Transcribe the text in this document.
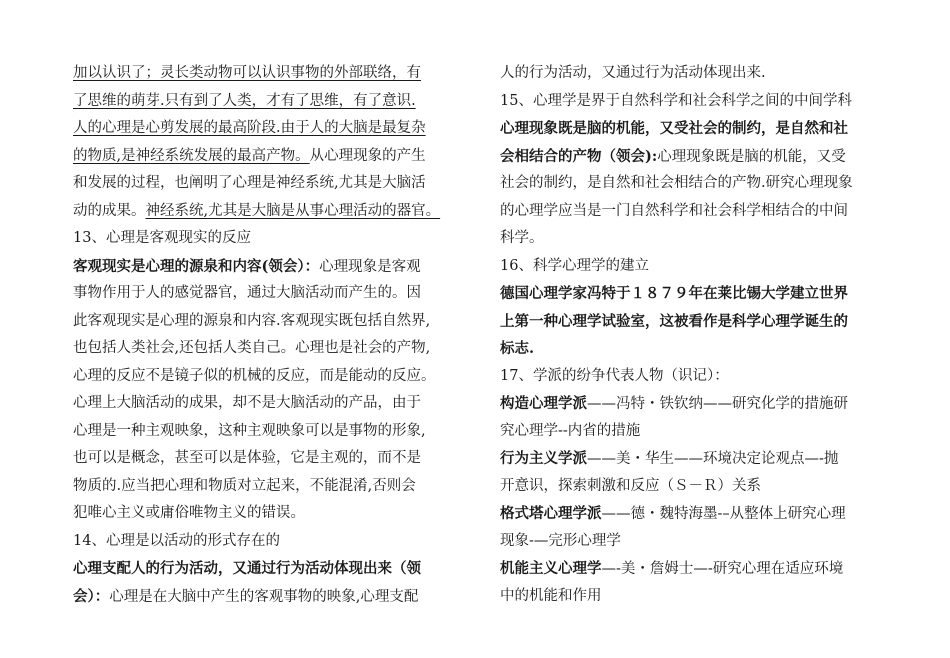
加以认识了；灵长类动物可以认识事物的外部联络，有
了思维的萌芽.只有到了人类，才有了思维，有了意识.
人的心理是心剪发展的最高阶段.由于人的大脑是最复杂
的物质,是神经系统发展的最高产物。从心理现象的产生
和发展的过程，也阐明了心理是神经系统,尤其是大脑活
动的成果。神经系统,尤其是大脑是从事心理活动的器官。
13、心理是客观现实的反应
客观现实是心理的源泉和内容(领会）：心理现象是客观
事物作用于人的感觉器官，通过大脑活动而产生的。因
此客观现实是心理的源泉和内容.客观现实既包括自然界,
也包括人类社会,还包括人类自己。心理也是社会的产物,
心理的反应不是镜子似的机械的反应，而是能动的反应。
心理上大脑活动的成果，却不是大脑活动的产品，由于
心理是一种主观映象，这种主观映象可以是事物的形象,
也可以是概念，甚至可以是体验，它是主观的，而不是
物质的.应当把心理和物质对立起来，不能混淆,否则会
犯唯心主义或庸俗唯物主义的错误。
14、心理是以活动的形式存在的
心理支配人的行为活动，又通过行为活动体现出来（领
会）：心理是在大脑中产生的客观事物的映象,心理支配
人的行为活动，又通过行为活动体现出来.
15、心理学是界于自然科学和社会科学之间的中间学科
心理现象既是脑的机能，又受社会的制约，是自然和社
会相结合的产物（领会):心理现象既是脑的机能，又受
社会的制约，是自然和社会相结合的产物.研究心理现象
的心理学应当是一门自然科学和社会科学相结合的中间
科学。
16、科学心理学的建立
德国心理学家冯特于１８７９年在莱比锡大学建立世界
上第一种心理学试验室，这被看作是科学心理学诞生的
标志.
17、学派的纷争代表人物（识记）：
构造心理学派——冯特・铁钦纳——研究化学的措施研
究心理学--内省的措施
行为主义学派——美・华生——环境决定论观点—-抛
开意识，探索刺激和反应（Ｓ－Ｒ）关系
格式塔心理学派——德・魏特海墨-–从整体上研究心理
现象-—完形心理学
机能主义心理学—-美・詹姆士—-研究心理在适应环境
中的机能和作用
